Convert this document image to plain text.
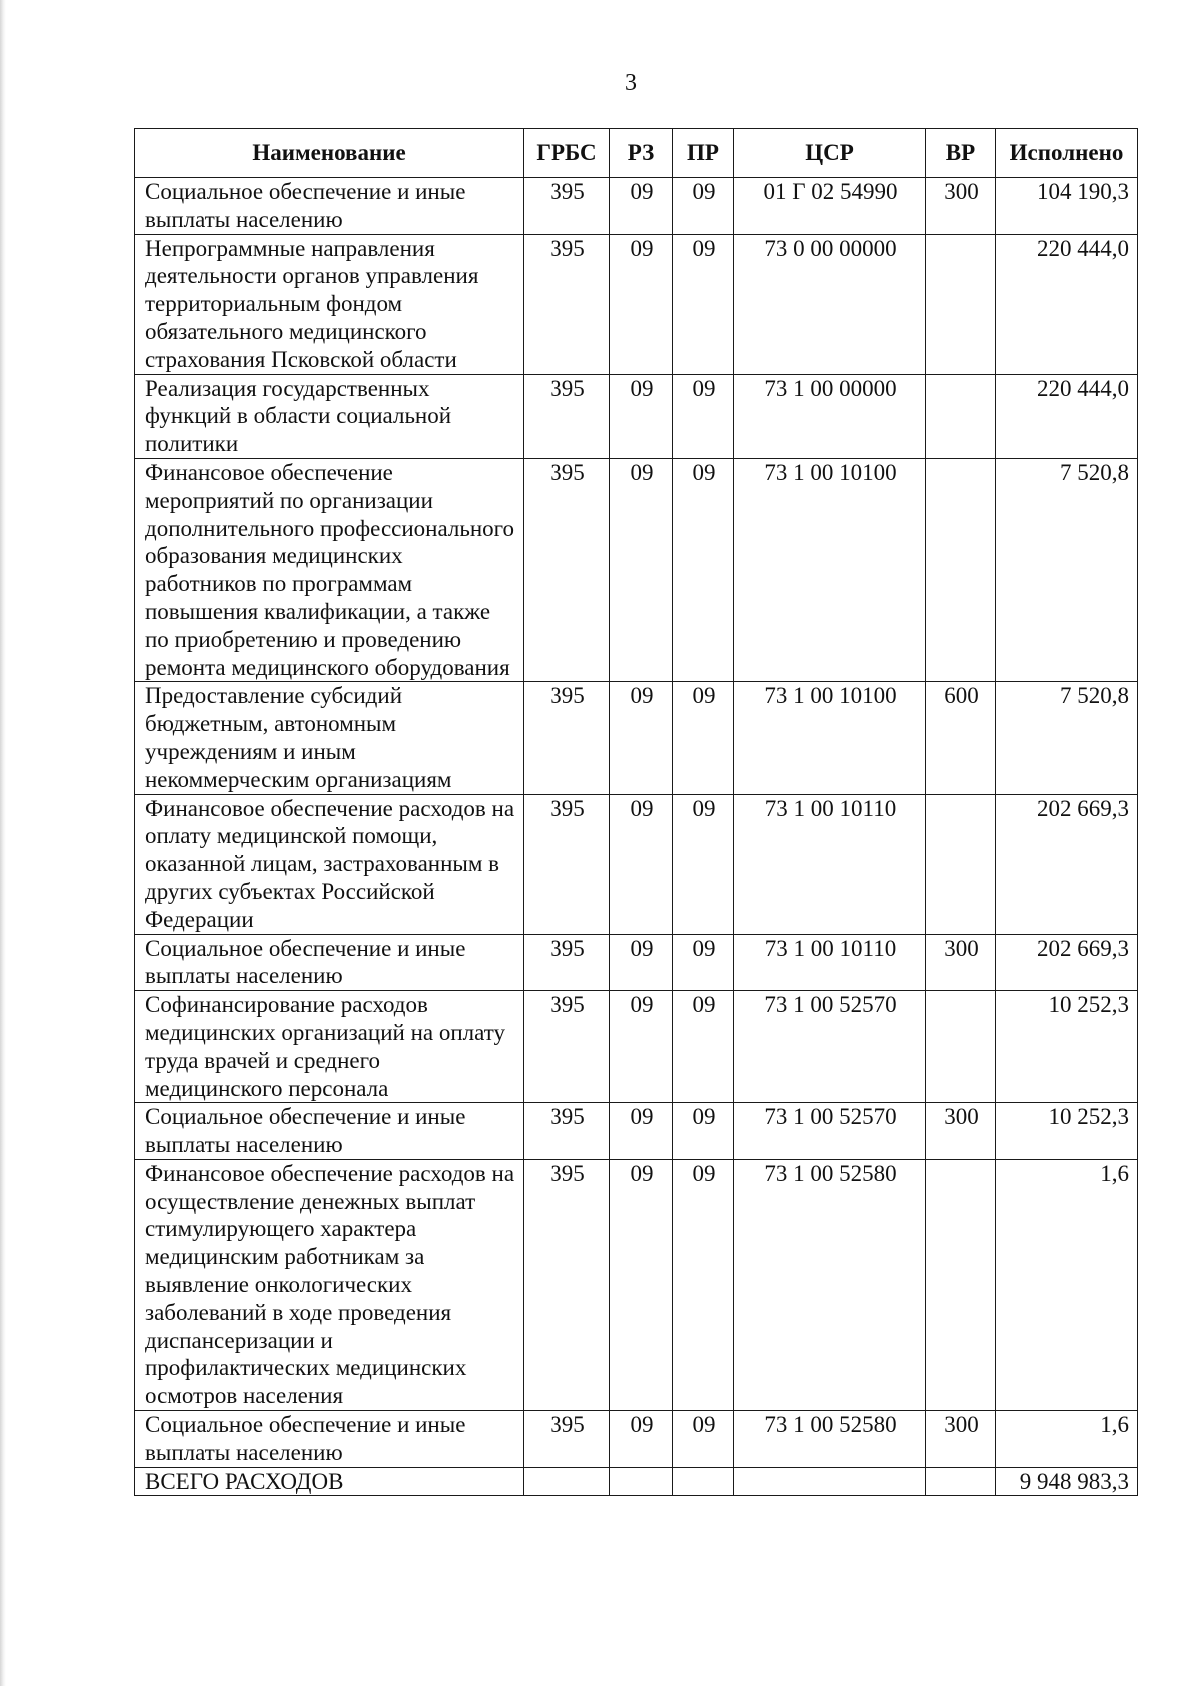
3
Наименование	ГРБС	РЗ	ПР	ЦСР	ВР	Исполнено
Социальное обеспечение и иные выплаты населению	395	09	09	01 Г 02 54990	300	104 190,3
Непрограммные направления деятельности органов управления территориальным фондом обязательного медицинского страхования Псковской области	395	09	09	73 0 00 00000		220 444,0
Реализация государственных функций в области социальной политики	395	09	09	73 1 00 00000		220 444,0
Финансовое обеспечение мероприятий по организации дополнительного профессионального образования медицинских работников по программам повышения квалификации, а также по приобретению и проведению ремонта медицинского оборудования	395	09	09	73 1 00 10100		7 520,8
Предоставление субсидий бюджетным, автономным учреждениям и иным некоммерческим организациям	395	09	09	73 1 00 10100	600	7 520,8
Финансовое обеспечение расходов на оплату медицинской помощи, оказанной лицам, застрахованным в других субъектах Российской Федерации	395	09	09	73 1 00 10110		202 669,3
Социальное обеспечение и иные выплаты населению	395	09	09	73 1 00 10110	300	202 669,3
Софинансирование расходов медицинских организаций на оплату труда врачей и среднего медицинского персонала	395	09	09	73 1 00 52570		10 252,3
Социальное обеспечение и иные выплаты населению	395	09	09	73 1 00 52570	300	10 252,3
Финансовое обеспечение расходов на осуществление денежных выплат стимулирующего характера медицинским работникам за выявление онкологических заболеваний в ходе проведения диспансеризации и профилактических медицинских осмотров населения	395	09	09	73 1 00 52580		1,6
Социальное обеспечение и иные выплаты населению	395	09	09	73 1 00 52580	300	1,6
ВСЕГО РАСХОДОВ						9 948 983,3
